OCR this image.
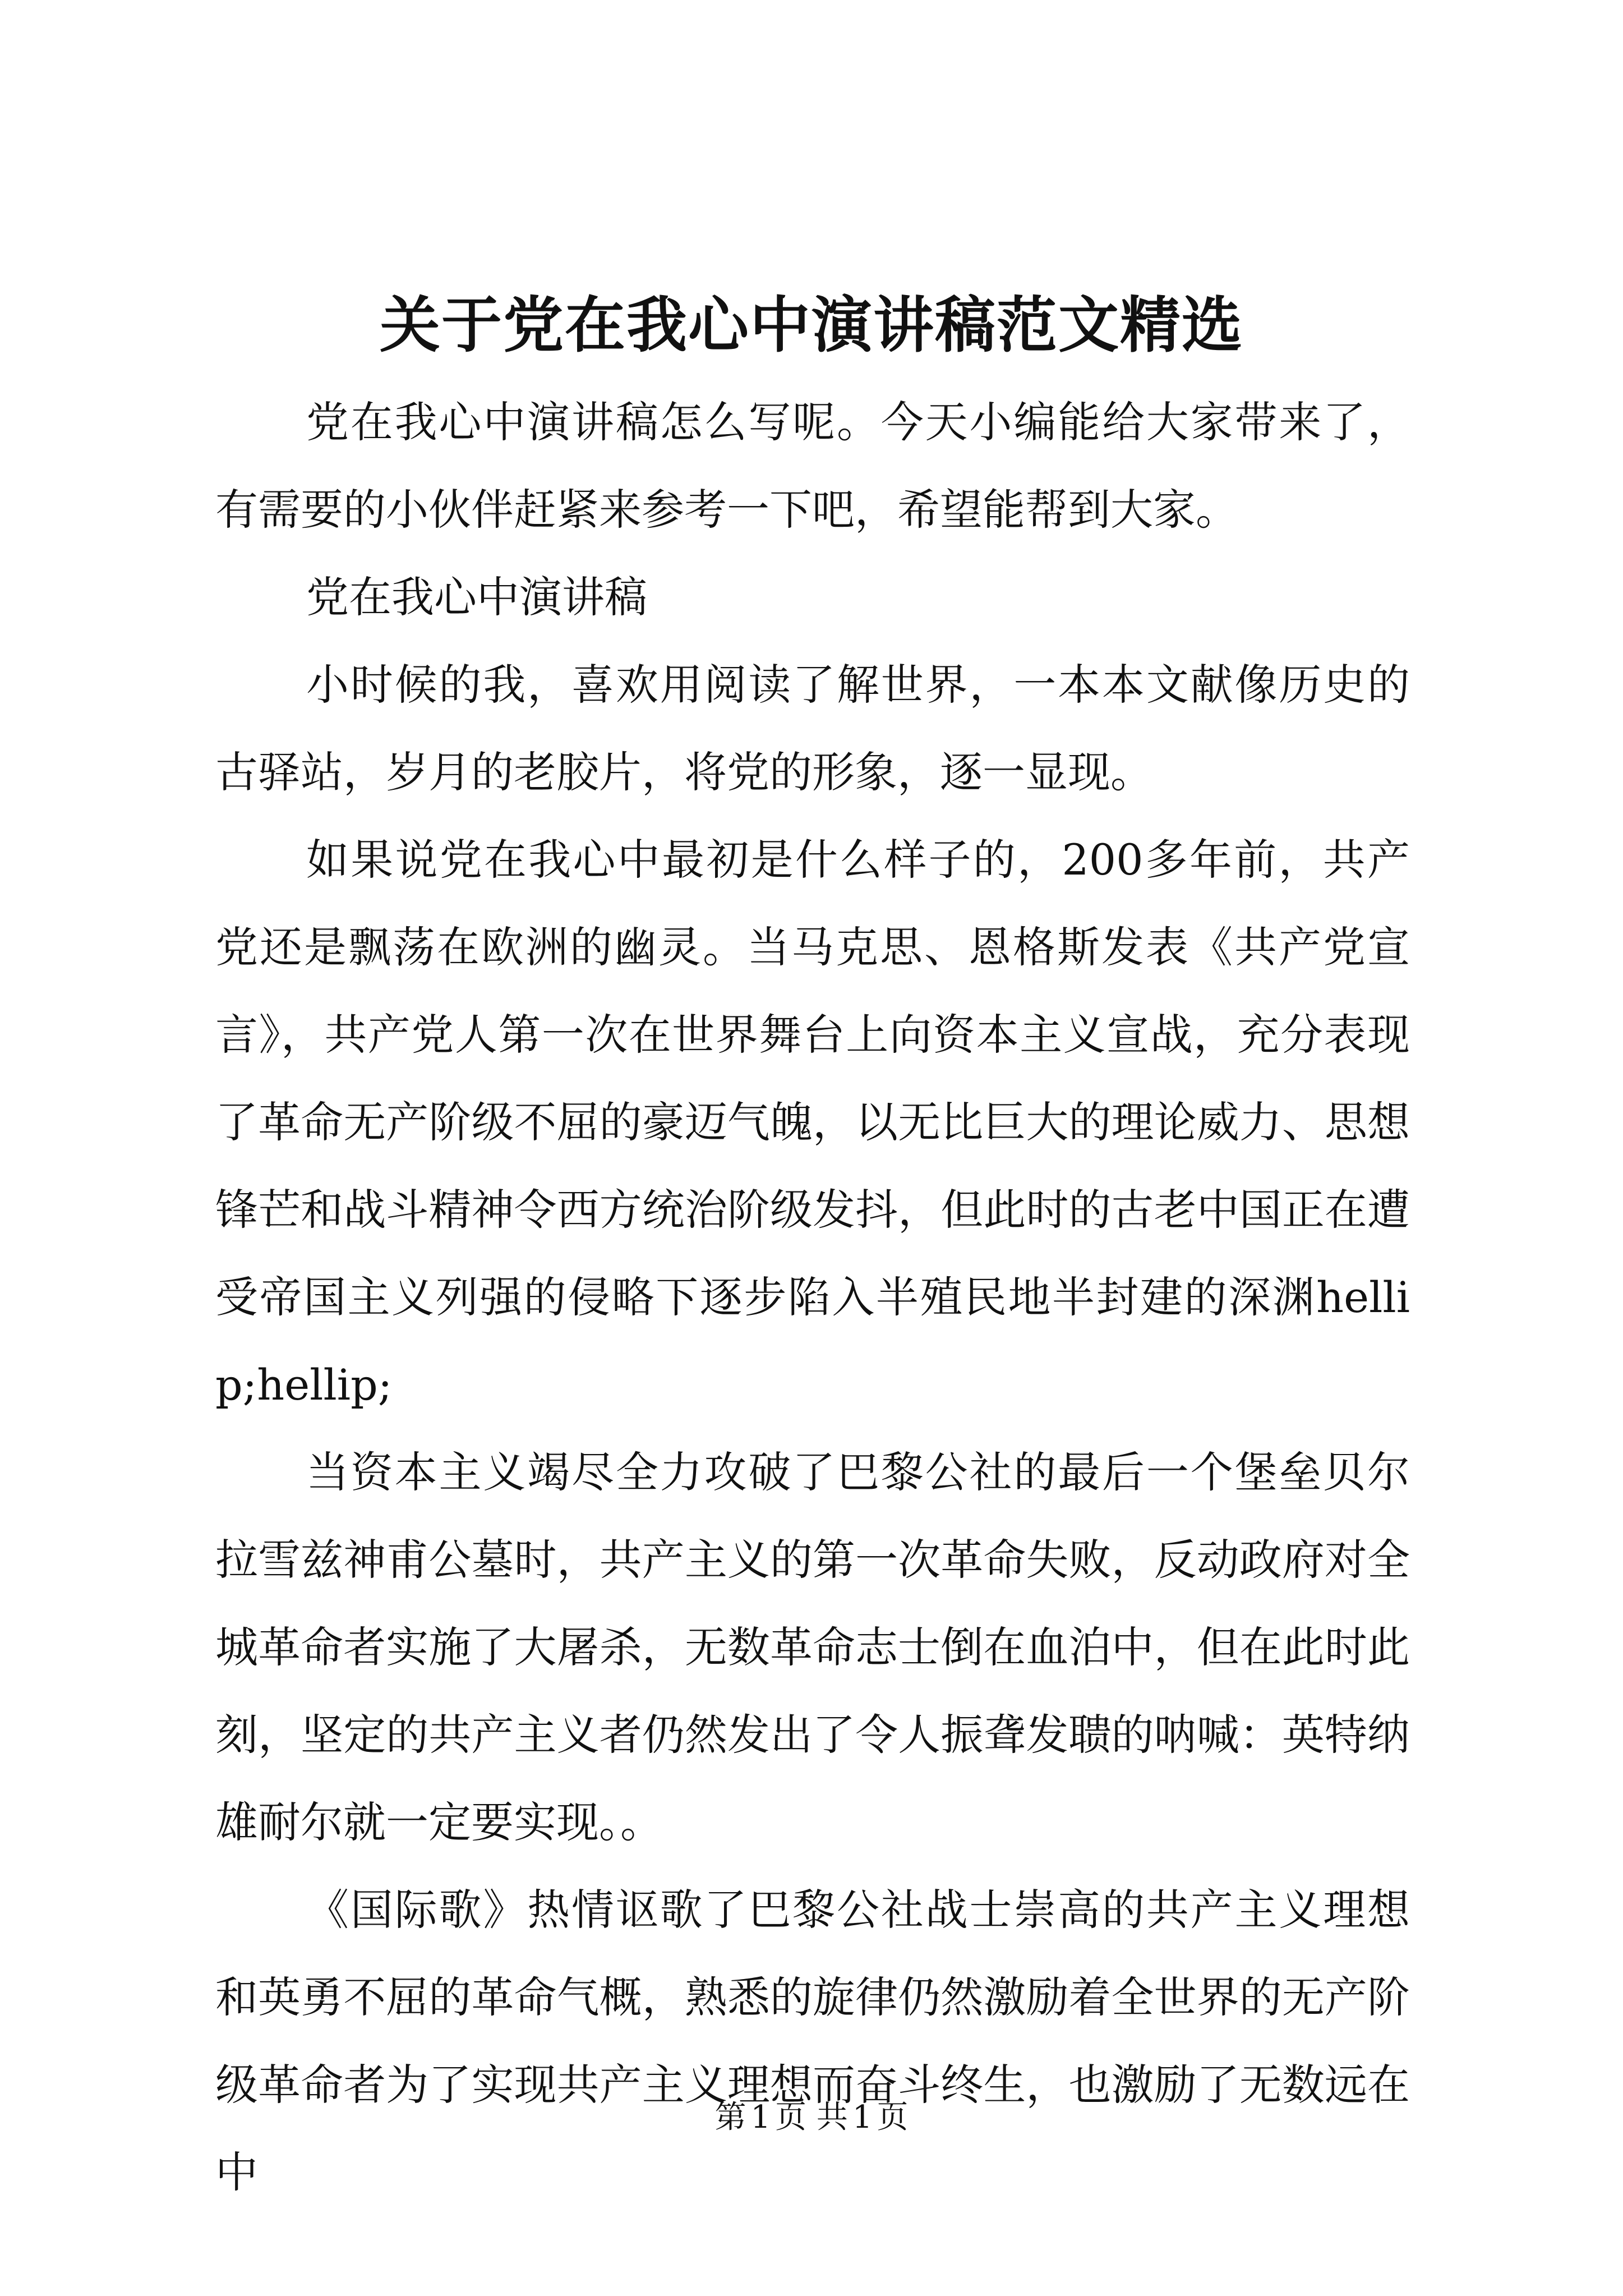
关于党在我心中演讲稿范文精选

党在我心中演讲稿怎么写呢。今天小编能给大家带来了，有需要的小伙伴赶紧来参考一下吧，希望能帮到大家。

党在我心中演讲稿

小时候的我，喜欢用阅读了解世界，一本本文献像历史的古驿站，岁月的老胶片，将党的形象，逐一显现。

如果说党在我心中最初是什么样子的，200多年前，共产党还是飘荡在欧洲的幽灵。当马克思、恩格斯发表《共产党宣言》，共产党人第一次在世界舞台上向资本主义宣战，充分表现了革命无产阶级不屈的豪迈气魄，以无比巨大的理论威力、思想锋芒和战斗精神令西方统治阶级发抖，但此时的古老中国正在遭受帝国主义列强的侵略下逐步陷入半殖民地半封建的深渊hellip;hellip;

当资本主义竭尽全力攻破了巴黎公社的最后一个堡垒贝尔拉雪兹神甫公墓时，共产主义的第一次革命失败，反动政府对全城革命者实施了大屠杀，无数革命志士倒在血泊中，但在此时此刻，坚定的共产主义者仍然发出了令人振聋发聩的呐喊：英特纳雄耐尔就一定要实现。。

《国际歌》热情讴歌了巴黎公社战士崇高的共产主义理想和英勇不屈的革命气概，熟悉的旋律仍然激励着全世界的无产阶级革命者为了实现共产主义理想而奋斗终生，也激励了无数远在中

第 1 页 共 1 页
